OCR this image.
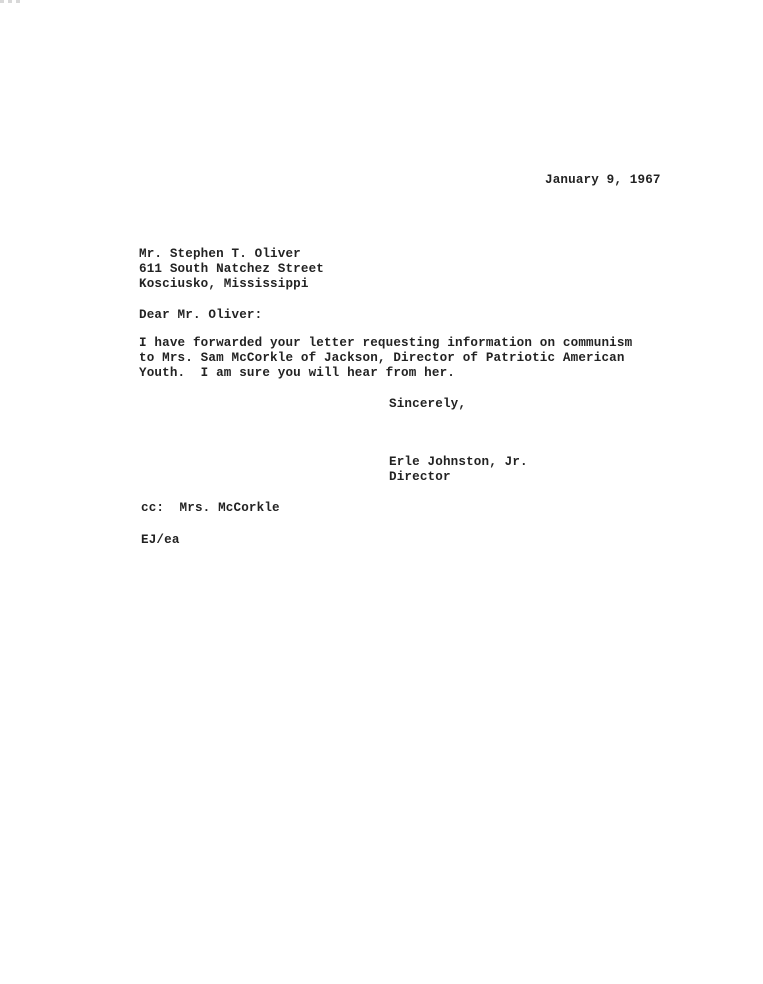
January 9, 1967
Mr. Stephen T. Oliver
611 South Natchez Street
Kosciusko, Mississippi
Dear Mr. Oliver:
I have forwarded your letter requesting information on communism
to Mrs. Sam McCorkle of Jackson, Director of Patriotic American
Youth.  I am sure you will hear from her.
Sincerely,
Erle Johnston, Jr.
Director
cc:  Mrs. McCorkle
EJ/ea
